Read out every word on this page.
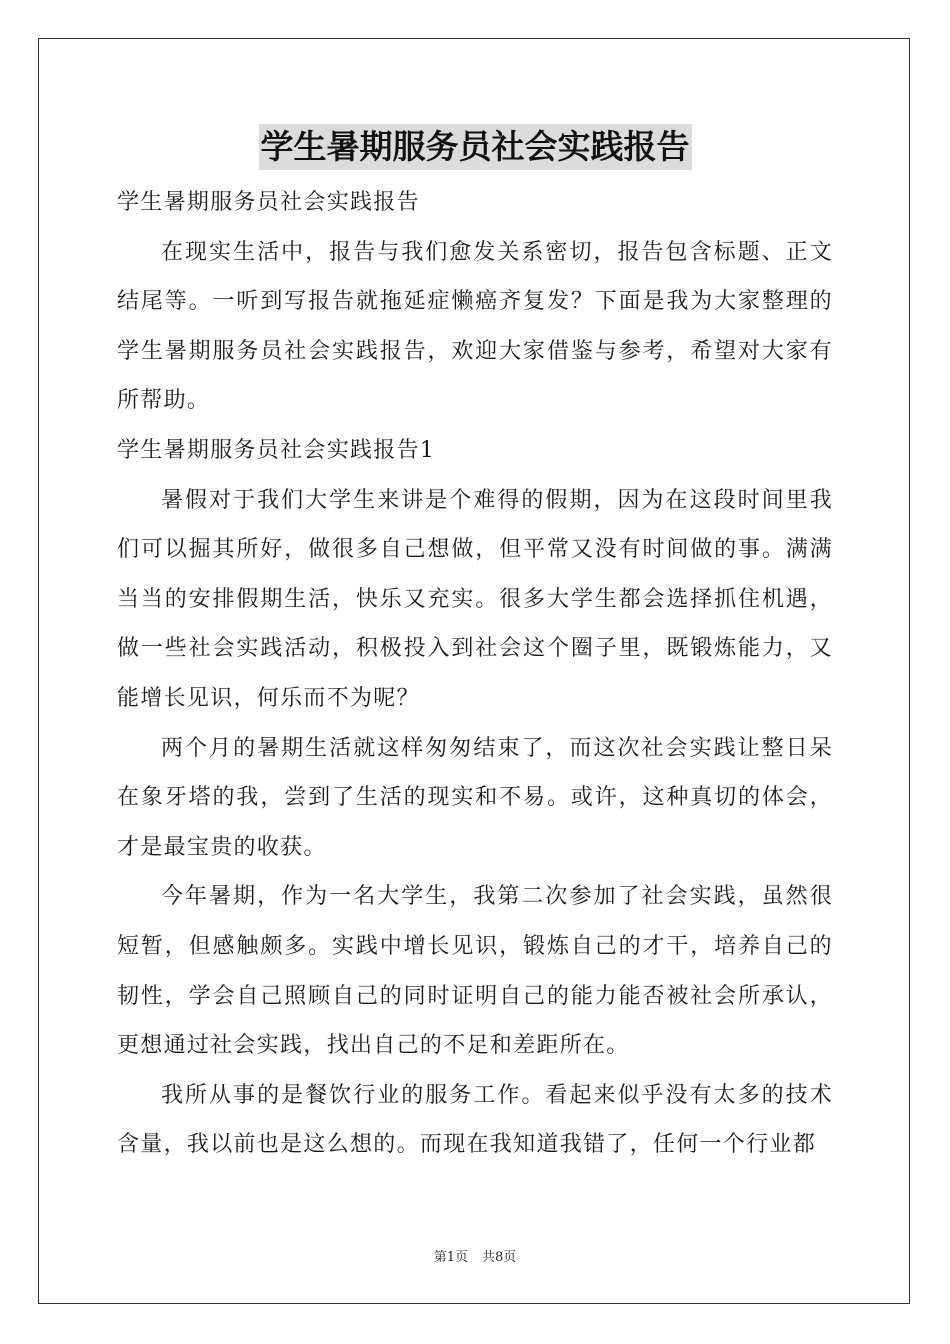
学生暑期服务员社会实践报告

学生暑期服务员社会实践报告

在现实生活中，报告与我们愈发关系密切，报告包含标题、正文结尾等。一听到写报告就拖延症懒癌齐复发？下面是我为大家整理的学生暑期服务员社会实践报告，欢迎大家借鉴与参考，希望对大家有所帮助。

学生暑期服务员社会实践报告1

暑假对于我们大学生来讲是个难得的假期，因为在这段时间里我们可以掘其所好，做很多自己想做，但平常又没有时间做的事。满满当当的安排假期生活，快乐又充实。很多大学生都会选择抓住机遇，做一些社会实践活动，积极投入到社会这个圈子里，既锻炼能力，又能增长见识，何乐而不为呢？

两个月的暑期生活就这样匆匆结束了，而这次社会实践让整日呆在象牙塔的我，尝到了生活的现实和不易。或许，这种真切的体会，才是最宝贵的收获。

今年暑期，作为一名大学生，我第二次参加了社会实践，虽然很短暂，但感触颇多。实践中增长见识，锻炼自己的才干，培养自己的韧性，学会自己照顾自己的同时证明自己的能力能否被社会所承认，更想通过社会实践，找出自己的不足和差距所在。

我所从事的是餐饮行业的服务工作。看起来似乎没有太多的技术含量，我以前也是这么想的。而现在我知道我错了，任何一个行业都

第1页 共8页
